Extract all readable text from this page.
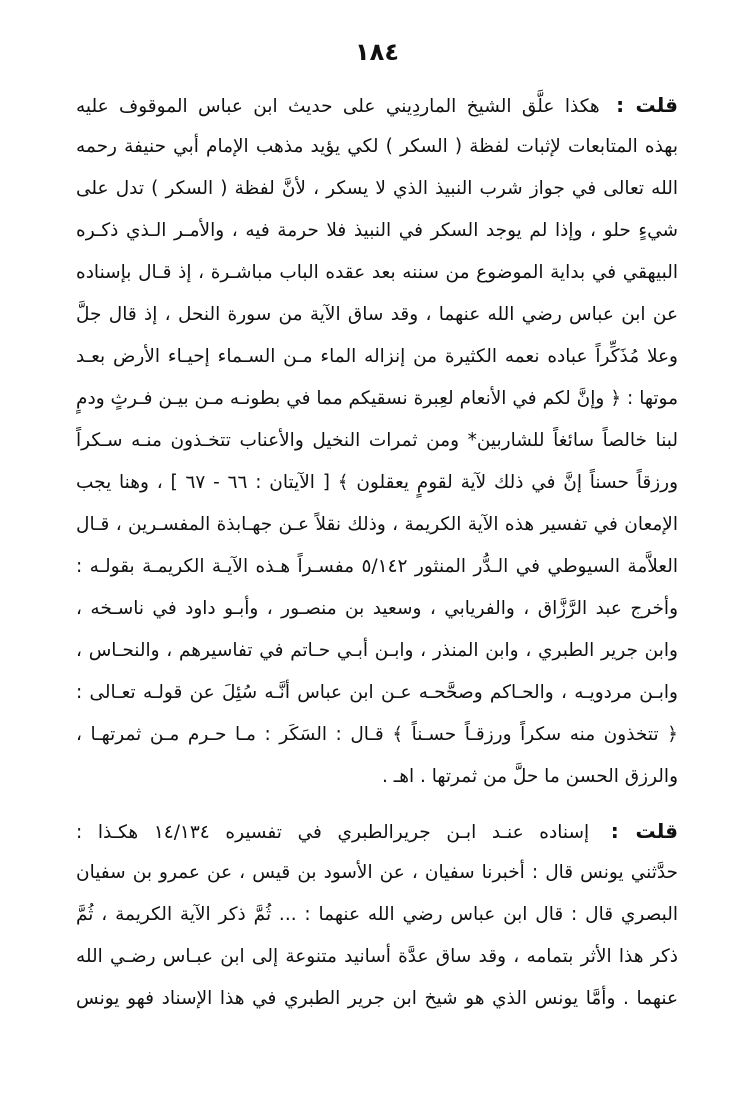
١٨٤
قلت : هكذا علَّق الشيخ الماردِيني على حديث ابن عباس الموقوف عليه
بهذه المتابعات لإثبات لفظة ( السكر ) لكي يؤيد مذهب الإمام أبي حنيفة رحمه
الله تعالى في جواز شرب النبيذ الذي لا يسكر ، لأنَّ لفظة ( السكر ) تدل على
شيءٍ حلو ، وإذا لم يوجد السكر في النبيذ فلا حرمة فيه ، والأمـر الـذي ذكـره
البيهقي في بداية الموضوع من سننه بعد عقده الباب مباشـرة ، إذ قـال بإسناده
عن ابن عباس رضي الله عنهما ، وقد ساق الآية من سورة النحل ، إذ قال جلَّ
وعلا مُذَكِّراً عباده نعمه الكثيرة من إنزاله الماء مـن السـماء إحيـاء الأرض بعـد
موتها : ﴿ وإنَّ لكم في الأنعام لعِبرة نسقيكم مما في بطونـه مـن بيـن فـرثٍ ودمٍ
لبنا خالصاً سائغاً للشاربين* ومن ثمرات النخيل والأعناب تتخـذون منـه سـكراً
ورزقاً حسناً إنَّ في ذلك لآية لقومٍ يعقلون ﴾ [ الآيتان : ٦٦ - ٦٧ ] ، وهنا يجب
الإمعان في تفسير هذه الآية الكريمة ، وذلك نقلاً عـن جهـابذة المفسـرين ، قـال
العلاَّمة السيوطي في الـدُّر المنثور ٥/١٤٢ مفسـراً هـذه الآيـة الكريمـة بقولـه :
وأخرج عبد الرَّزَّاق ، والفريابي ، وسعيد بن منصـور ، وأبـو داود في ناسـخه ،
وابن جرير الطبري ، وابن المنذر ، وابـن أبـي حـاتم في تفاسيرهم ، والنحـاس ،
وابـن مردويـه ، والحـاكم وصحَّحـه عـن ابن عباس أنَّـه سُئِلَ عن قولـه تعـالى :
﴿ تتخذون منه سكراً ورزقـاً حسـناً ﴾ قـال : السَكَر : مـا حـرم مـن ثمرتهـا ،
والرزق الحسن ما حلَّ من ثمرتها . اهـ .
قلت : إسناده عنـد ابـن جريرالطبري في تفسيره ١٤/١٣٤ هكـذا :
حدَّثني يونس قال : أخبرنا سفيان ، عن الأسود بن قيس ، عن عمرو بن سفيان
البصري قال : قال ابن عباس رضي الله عنهما : ... ثُمَّ ذكر الآية الكريمة ، ثُمَّ
ذكر هذا الأثر بتمامه ، وقد ساق عدَّة أسانيد متنوعة إلى ابن عبـاس رضـي الله
عنهما . وأمَّا يونس الذي هو شيخ ابن جرير الطبري في هذا الإسناد فهو يونس
